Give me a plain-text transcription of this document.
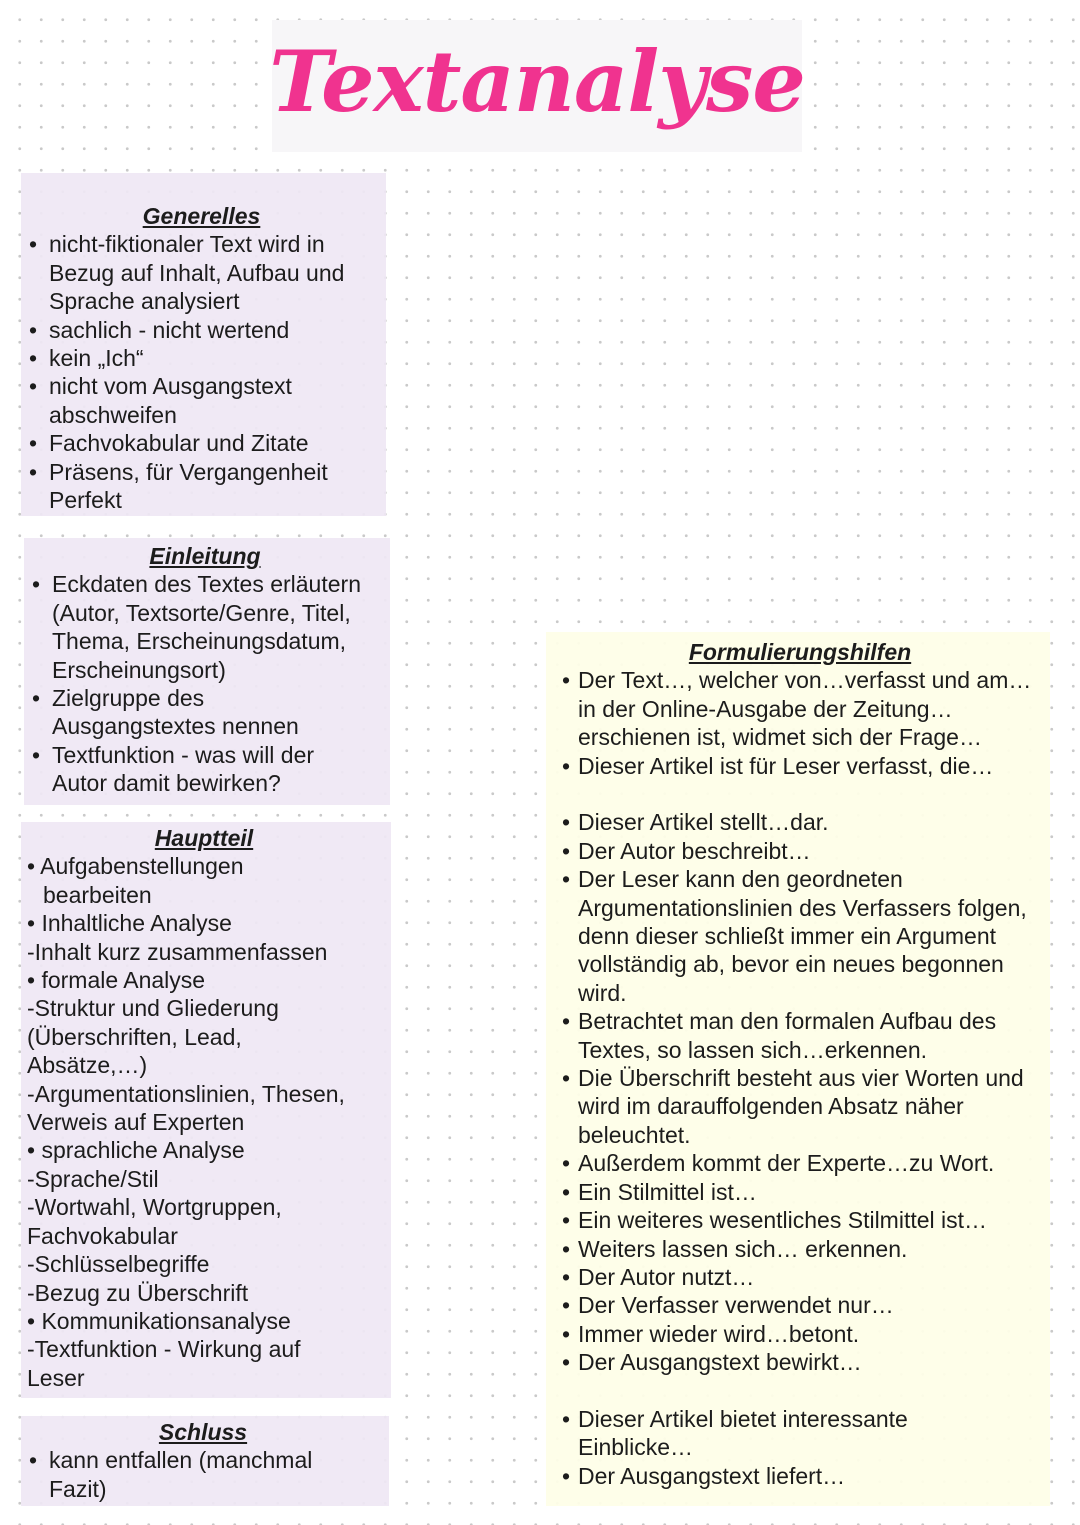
Textanalyse
Generelles
• nicht-fiktionaler Text wird in Bezug auf Inhalt, Aufbau und Sprache analysiert
• sachlich - nicht wertend
• kein „Ich“
• nicht vom Ausgangstext abschweifen
• Fachvokabular und Zitate
• Präsens, für Vergangenheit Perfekt
Einleitung
• Eckdaten des Textes erläutern (Autor, Textsorte/Genre, Titel, Thema, Erscheinungsdatum, Erscheinungsort)
• Zielgruppe des Ausgangstextes nennen
• Textfunktion - was will der Autor damit bewirken?
Hauptteil
• Aufgabenstellungen bearbeiten
• Inhaltliche Analyse
-Inhalt kurz zusammenfassen
• formale Analyse
-Struktur und Gliederung (Überschriften, Lead, Absätze,…)
-Argumentationslinien, Thesen, Verweis auf Experten
• sprachliche Analyse
-Sprache/Stil
-Wortwahl, Wortgruppen, Fachvokabular
-Schlüsselbegriffe
-Bezug zu Überschrift
• Kommunikationsanalyse
-Textfunktion - Wirkung auf Leser
Schluss
• kann entfallen (manchmal Fazit)
Formulierungshilfen
• Der Text…, welcher von…verfasst und am…in der Online-Ausgabe der Zeitung… erschienen ist, widmet sich der Frage…
• Dieser Artikel ist für Leser verfasst, die…
• Dieser Artikel stellt…dar.
• Der Autor beschreibt…
• Der Leser kann den geordneten Argumentationslinien des Verfassers folgen, denn dieser schließt immer ein Argument vollständig ab, bevor ein neues begonnen wird.
• Betrachtet man den formalen Aufbau des Textes, so lassen sich…erkennen.
• Die Überschrift besteht aus vier Worten und wird im darauffolgenden Absatz näher beleuchtet.
• Außerdem kommt der Experte…zu Wort.
• Ein Stilmittel ist…
• Ein weiteres wesentliches Stilmittel ist…
• Weiters lassen sich… erkennen.
• Der Autor nutzt…
• Der Verfasser verwendet nur…
• Immer wieder wird…betont.
• Der Ausgangstext bewirkt…
• Dieser Artikel bietet interessante Einblicke…
• Der Ausgangstext liefert…
